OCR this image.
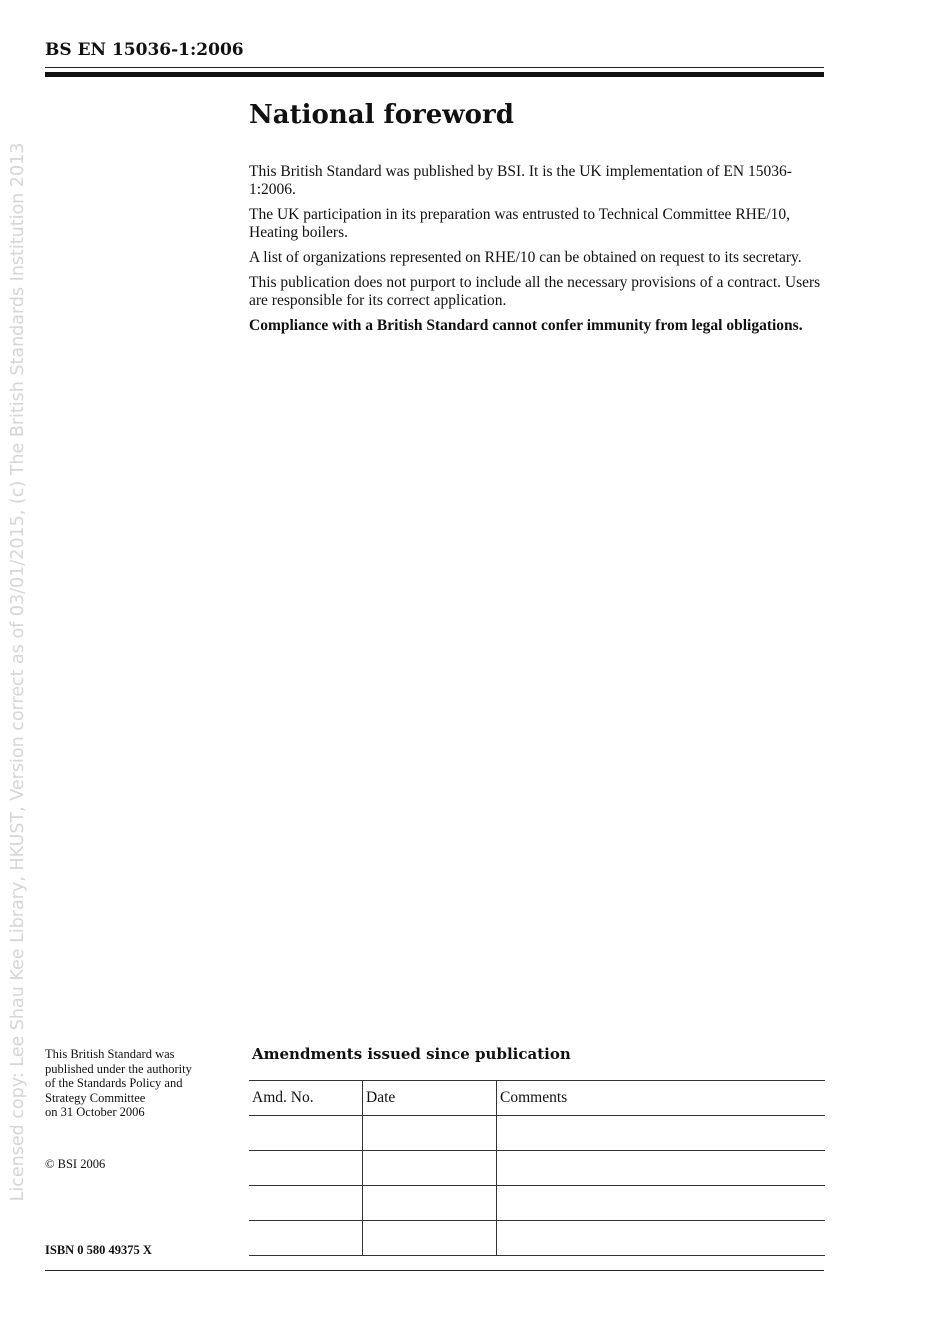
BS EN 15036-1:2006
Licensed copy: Lee Shau Kee Library, HKUST, Version correct as of 03/01/2015, (c) The British Standards Institution 2013
National foreword

This British Standard was published by BSI. It is the UK implementation of EN 15036-1:2006.

The UK participation in its preparation was entrusted to Technical Committee RHE/10, Heating boilers.

A list of organizations represented on RHE/10 can be obtained on request to its secretary.

This publication does not purport to include all the necessary provisions of a contract. Users are responsible for its correct application.

Compliance with a British Standard cannot confer immunity from legal obligations.

This British Standard was

published under the authority

of the Standards Policy and

Strategy Committee

on 31 October 2006

© BSI 2006
ISBN 0 580 49375 X
Amendments issued since publication
Amd. No.	Date	Comments
